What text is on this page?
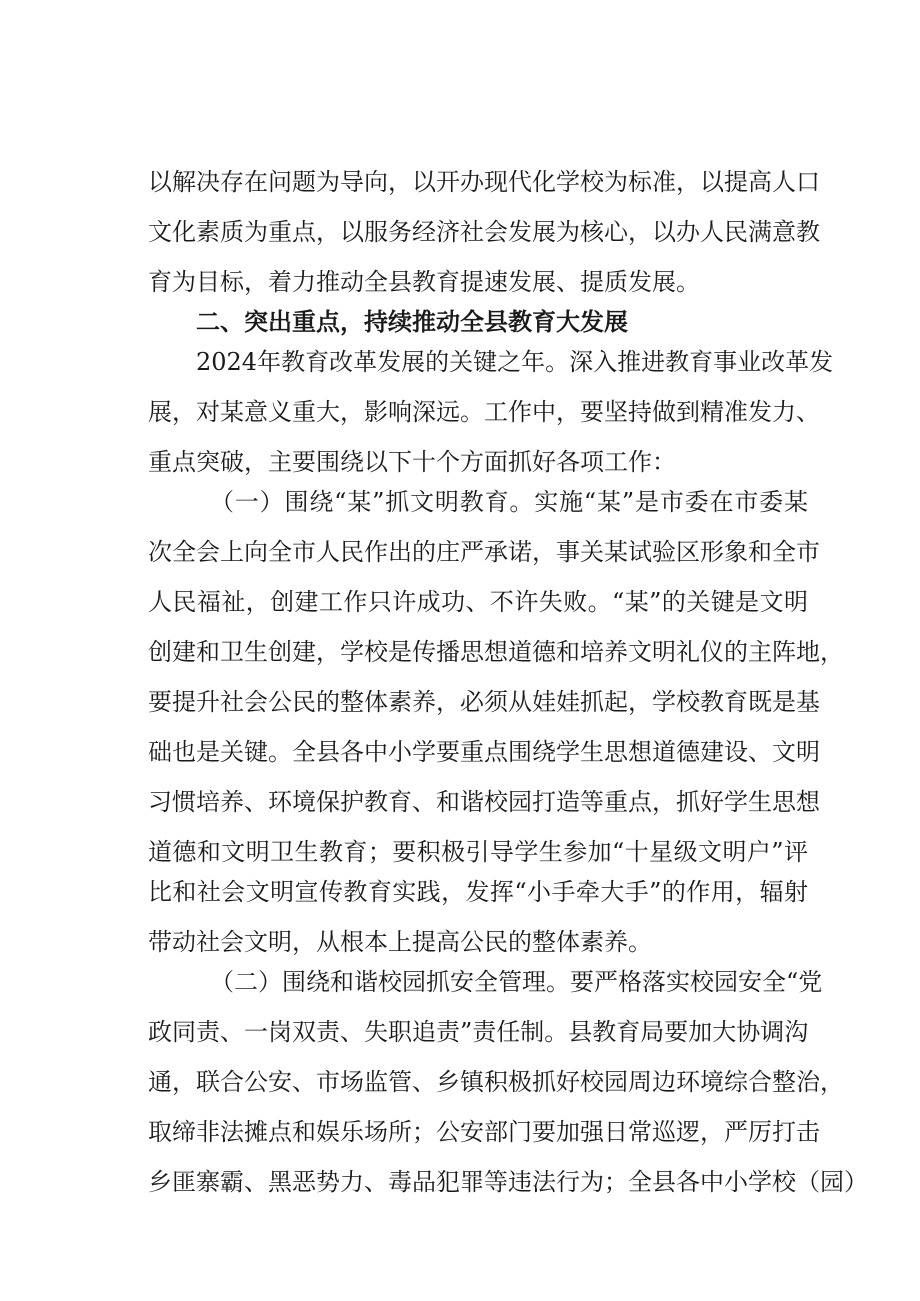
以解决存在问题为导向，以开办现代化学校为标准，以提高人口
文化素质为重点，以服务经济社会发展为核心，以办人民满意教
育为目标，着力推动全县教育提速发展、提质发展。
二、突出重点，持续推动全县教育大发展
2024年教育改革发展的关键之年。深入推进教育事业改革发
展，对某意义重大，影响深远。工作中，要坚持做到精准发力、
重点突破，主要围绕以下十个方面抓好各项工作：
（一）围绕“某”抓文明教育。实施“某”是市委在市委某
次全会上向全市人民作出的庄严承诺，事关某试验区形象和全市
人民福祉，创建工作只许成功、不许失败。“某”的关键是文明
创建和卫生创建，学校是传播思想道德和培养文明礼仪的主阵地，
要提升社会公民的整体素养，必须从娃娃抓起，学校教育既是基
础也是关键。全县各中小学要重点围绕学生思想道德建设、文明
习惯培养、环境保护教育、和谐校园打造等重点，抓好学生思想
道德和文明卫生教育；要积极引导学生参加“十星级文明户”评
比和社会文明宣传教育实践，发挥“小手牵大手”的作用，辐射
带动社会文明，从根本上提高公民的整体素养。
（二）围绕和谐校园抓安全管理。要严格落实校园安全“党
政同责、一岗双责、失职追责”责任制。县教育局要加大协调沟
通，联合公安、市场监管、乡镇积极抓好校园周边环境综合整治，
取缔非法摊点和娱乐场所；公安部门要加强日常巡逻，严厉打击
乡匪寨霸、黑恶势力、毒品犯罪等违法行为；全县各中小学校（园）
